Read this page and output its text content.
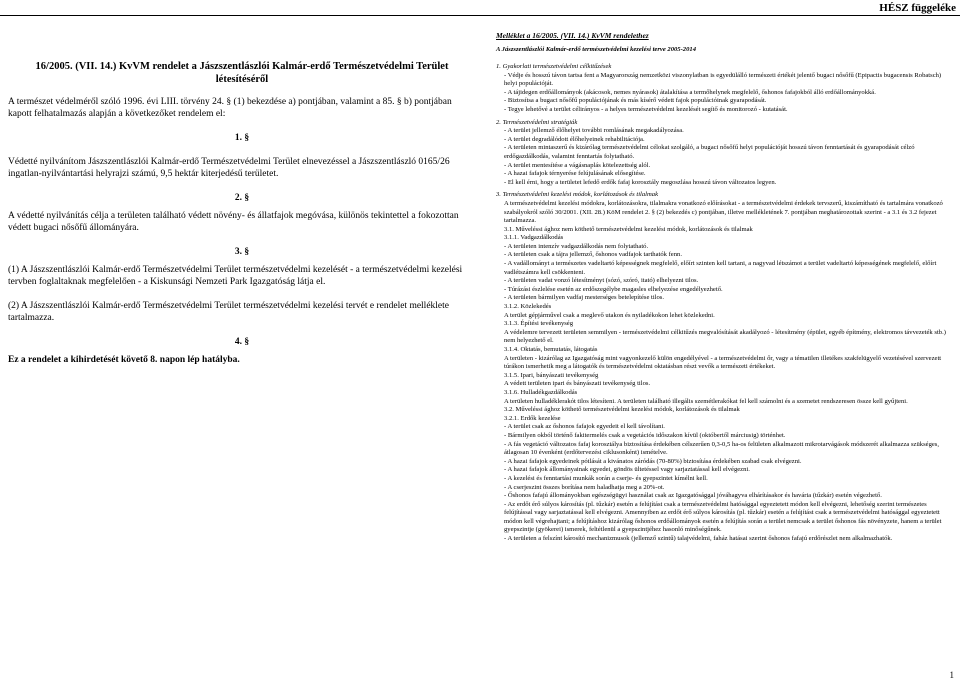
HÉSZ függeléke
Melléklet a 16/2005. (VII. 14.) KvVM rendelethez

16/2005. (VII. 14.) KvVM rendelet a Jászszentlászlói Kalmár-erdő Természetvédelmi Terület létesítéséről

A természet védelméről szóló 1996. évi LIII. törvény 24. § (1) bekezdése a) pontjában, valamint a 85. § b) pontjában kapott felhatalmazás alapján a következőket rendelem el:

1. §

Védetté nyilvánítom Jászszentlászlói Kalmár-erdő Természetvédelmi Terület elnevezéssel a Jászszentlászló 0165/26 ingatlan-nyilvántartási helyrajzi számú, 9,5 hektár kiterjedésű területet.

2. §

A védetté nyilvánítás célja a területen található védett növény- és állatfajok megóvása, különös tekintettel a fokozottan védett bugaci nősőfű állományára.

3. §

(1) A Jászszentlászlói Kalmár-erdő Természetvédelmi Terület természetvédelmi kezelését - a természetvédelmi kezelési tervben foglaltaknak megfelelően - a Kiskunsági Nemzeti Park Igazgatóság látja el.

(2) A Jászszentlászlói Kalmár-erdő Természetvédelmi Terület természetvédelmi kezelési tervét e rendelet melléklete tartalmazza.

4. §

Ez a rendelet a kihirdetését követő 8. napon lép hatályba.

A Jászszentlászlói Kalmár-erdő természetvédelmi kezelési terve 2005-2014

1. Gyakorlati természetvédelmi célkitűzések

- Védje és hosszú távon tartsa fent a Magyarország nemzetközi viszonylatban is egyedülálló természeti értékét jelentő bugaci nősőfű (Epipactis bugacensis Robatsch) helyi populációját.

- A tájidegen erdőállományok (akácosok, nemes nyárasok) átalakítása a termőhelynek megfelelő, őshonos fafajokból álló erdőállományokká.

- Biztosítsa a bugaci nősőfű populációjának és más kísérő védett fajok populációinak gyarapodását.

- Tegye lehetővé a terület célirányos - a helyes természetvédelmi kezelését segítő és monitorozó - kutatását.

2. Természetvédelmi stratégiák

- A terület jellemző élőhelyei további romlásának megakadályozása.

- A terület degradálódott élőhelyeinek rehabilitációja.

- A területen mintaszerű és kizárólag természetvédelmi célokat szolgáló, a bugaci nősőfű helyi populációját hosszú távon fenntartását és gyarapodását célzó erdőgazdálkodás, valamint fenntartás folytatható.

- A terület mentesítése a vágásnaplás kötelezettség alól.

- A hazai fafajok térnyerése felújulásának elősegítése.

- El kell érni, hogy a területet lefedő erdők fafaj korosztály megoszlása hosszú távon változatos legyen.

3. Természetvédelmi kezelési módok, korlátozások és tilalmak

A természetvédelmi kezelési módokra, korlátozásokra, tilalmakra vonatkozó előírásokat - a természetvédelmi érdekek tervszerű, kiszámítható és tartalmára vonatkozó szabályokról szóló 30/2001. (XII. 28.) KöM rendelet 2. § (2) bekezdés c) pontjában, illetve mellékletének 7. pontjában meghatározottak szerint - a 3.1 és 3.2 fejezet tartalmazza.

3.1. Műveléssi ághoz nem köthető természetvédelmi kezelési módok, korlátozások és tilalmak

3.1.1. Vadgazdálkodás

- A területen intenzív vadgazdálkodás nem folytatható.

- A területen csak a tájra jellemző, őshonos vadfajok tarthatók fenn.

- A vadállományt a természetes vadeltartó képességnek megfelelő, előírt szinten kell tartani, a nagyvad létszámot a terület vadeltartó képességének megfelelő, előírt vadlétszámra kell csökkenteni.

- A területen vadat vonzó létesítményt (sózó, szóró, itató) elhelyezni tilos.

- Túrázási észlelése esetén az erdőszegélybe magasles elhelyezése engedélyezhető.

- A területen bármilyen vadfaj mesterséges betelepítése tilos.

3.1.2. Közlekedés

A terület gépjárművel csak a meglevő utakon és nyiladékokon lehet közlekedni.

3.1.3. Építési tevékenység

A védelemre tervezett területen semmilyen - természetvédelmi célkitűzés megvalósítását akadályozó - létesítmény (épület, egyéb építmény, elektromos távvezeték stb.) nem helyezhető el.

3.1.4. Oktatás, bemutatás, látogatás

A területen - kizárólag az Igazgatóság mint vagyonkezelő külön engedélyével - a természetvédelmi őr, vagy a tématilen illetékes szakfelügyelő vezetésével szervezett túrákon ismerhetik meg a látogatók és természetvédelmi oktatásban részt vevők a természeti értékeket.

3.1.5. Ipari, bányászati tevékenység

A védett területen ipari és bányászati tevékenység tilos.

3.1.6. Hulladékgazdálkodás

A területen hulladéklerakót tilos létesíteni. A területen található illegális szemétlerakókat fel kell számolni és a szemetet rendszeresen össze kell gyűjteni.

3.2. Műveléssi ághoz köthető természetvédelmi kezelési módok, korlátozások és tilalmak

3.2.1. Erdők kezelése

- A terület csak az őshonos fafajok egyedeit el kell távolítani.

- Bármilyen okból történő fakitermelés csak a vegetációs időszakon kívül (októbertől márciusig) történhet.

- A fás vegetáció változatos fafaj korosztálya biztosítása érdekében célszerűen 0,3-0,5 ha-os felületen alkalmazott mikrotarvágások módszerét alkalmazza szükséges, átlagosan 10 évenként (erdőtervezési ciklusonként) ismételve.

- A hazai fafajok egyedeinek pótlását a kivánatos záródás (70-80%) biztosítása érdekében szabad csak elvégezni.

- A hazai fafajok állományainak egyedei, göndös ültetéssel vagy sarjaztatással kell elvégezni.

- A kezelési és fenntartási munkák során a cserje- és gyepszintet kímélni kell.

- A cserjeszint összes borítása nem haladhatja meg a 20%-ot.

- Őshonos fafajú állományokban egészségügyi használat csak az Igazgatósággal jóváhagyva elhárításakor és havária (tűzkár) esetén végezhető.

- Az erdőt érő súlyos károsítás (pl. tűzkár) esetén a felújítást csak a természetvédelmi hatósággal egyeztetett módon kell elvégezni, lehetőség szerint természetes felújítással vagy sarjaztatással kell elvégezni. Amennyiben az erdőt érő súlyos károsítás (pl. tűzkár) esetén a felújítást csak a természetvédelmi hatósággal egyeztetett módon kell végrehajtani; a felújításhoz kizárólag őshonos erdőállományok esetén a felújítás során a terület nemcsak a terület őshonos fás növényzete, hanem a terület gyepszintje (gyökerei) ismerek, feltétlenül a gyepszintjéhez hasonló minőségűnek.

- A területen a felszínt károsító mechanizmusok (jellemző szintű) talajvédelmi, faház hatásai szerint őshonos fafajú erdőrészlet nem alkalmazhatók.

1
